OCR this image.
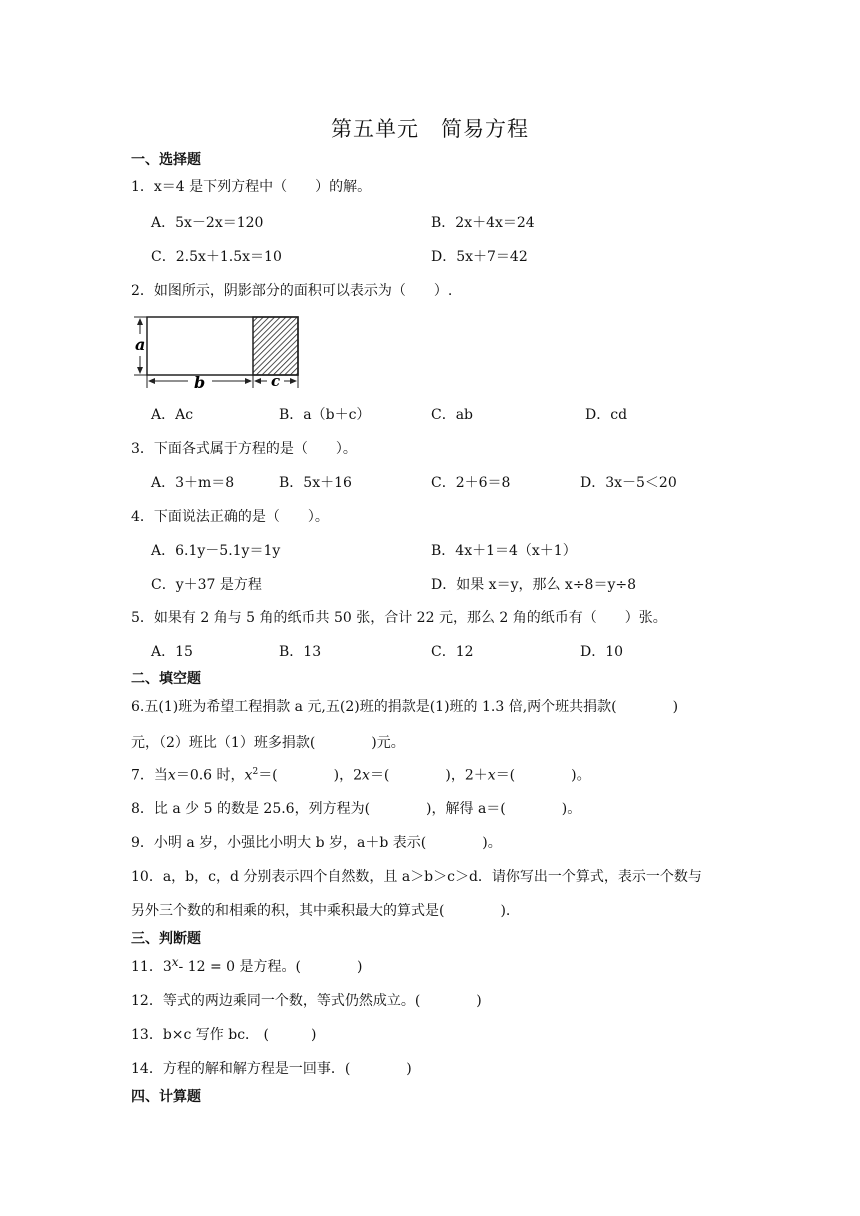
第五单元　简易方程
一、选择题
1．x＝4 是下列方程中（　　）的解。
A．5x－2x＝120	B．2x＋4x＝24
C．2.5x＋1.5x＝10	D．5x＋7＝42
2．如图所示，阴影部分的面积可以表示为（　　）.
a
b	c
A．Ac	B．a（b＋c）	C．ab	D．cd
3．下面各式属于方程的是（　　）。
A．3＋m＝8	B．5x＋16	C．2＋6＝8	D．3x－5＜20
4．下面说法正确的是（　　）。
A．6.1y－5.1y＝1y	B．4x＋1＝4（x＋1）
C．y＋37 是方程	D．如果 x＝y，那么 x÷8＝y÷8
5．如果有 2 角与 5 角的纸币共 50 张，合计 22 元，那么 2 角的纸币有（　　）张。
A．15	B．13	C．12	D．10
二、填空题
6.五(1)班为希望工程捐款 a 元,五(2)班的捐款是(1)班的 1.3 倍,两个班共捐款(　　　　)
元，（2）班比（1）班多捐款(　　　　)元。
7．当x＝0.6 时，$x^2=$(　　　　)，2x＝(　　　　)，2＋x＝(　　　　)。
8．比 a 少 5 的数是 25.6，列方程为(　　　　)，解得 a＝(　　　　)。
9．小明 a 岁，小强比小明大 b 岁，a＋b 表示(　　　　)。
10．a，b，c，d 分别表示四个自然数，且 a＞b＞c＞d．请你写出一个算式，表示一个数与
另外三个数的和相乘的积，其中乘积最大的算式是(　　　　).
三、判断题
11．3x- 12 = 0 是方程。(　　　　)
12．等式的两边乘同一个数，等式仍然成立。(　　　　)
13．b×c 写作 bc． (　　　)
14．方程的解和解方程是一回事．(　　　　)
四、计算题
